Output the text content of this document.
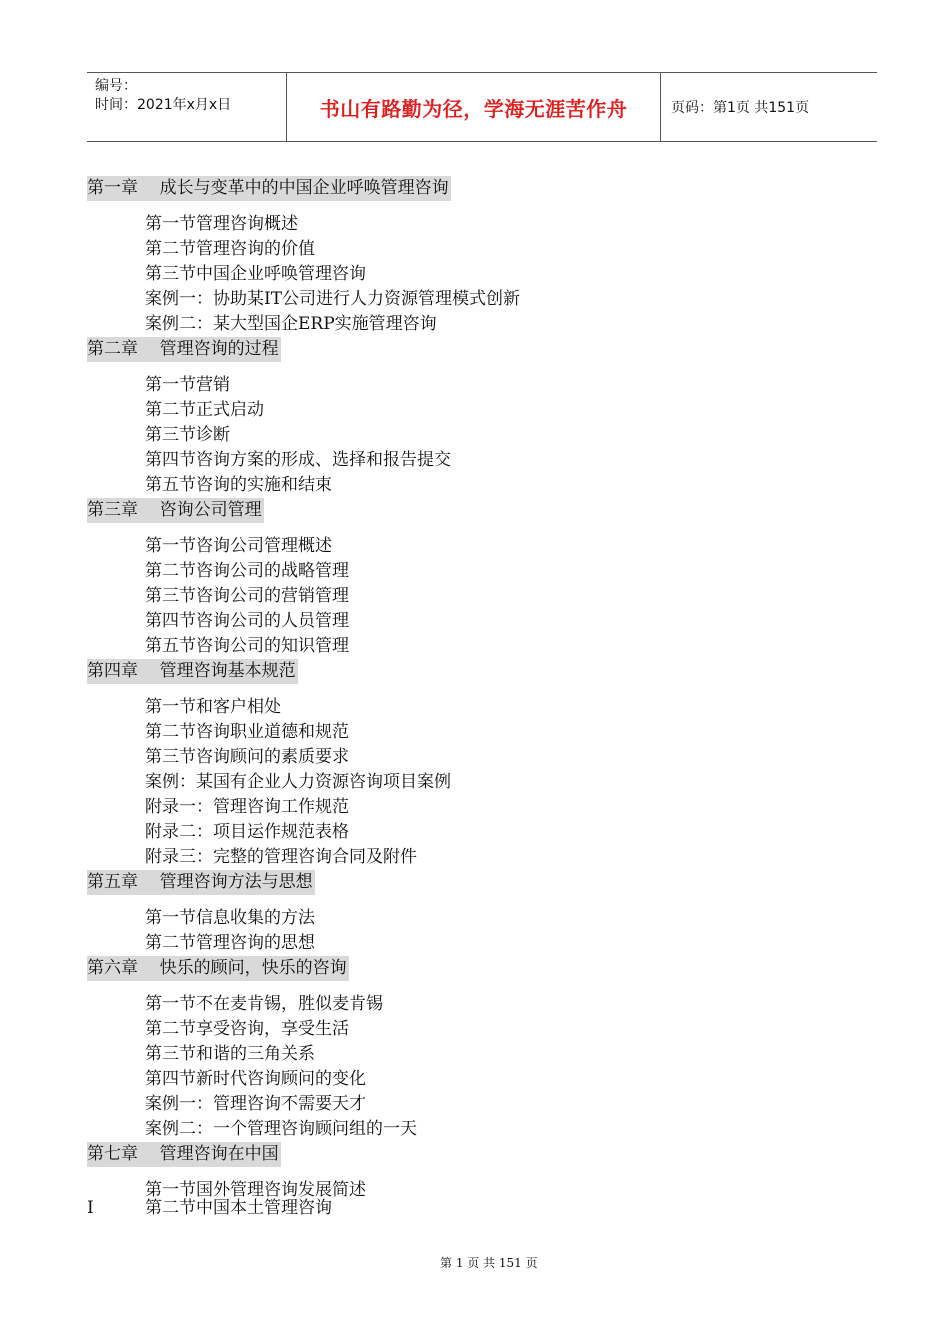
编号：
时间：2021年x月x日	书山有路勤为径，学海无涯苦作舟	页码：第1页 共151页
第一章    成长与变革中的中国企业呼唤管理咨询
第一节管理咨询概述
第二节管理咨询的价值
第三节中国企业呼唤管理咨询
案例一：协助某IT公司进行人力资源管理模式创新
案例二：某大型国企ERP实施管理咨询
第二章    管理咨询的过程
第一节营销
第二节正式启动
第三节诊断
第四节咨询方案的形成、选择和报告提交
第五节咨询的实施和结束
第三章    咨询公司管理
第一节咨询公司管理概述
第二节咨询公司的战略管理
第三节咨询公司的营销管理
第四节咨询公司的人员管理
第五节咨询公司的知识管理
第四章    管理咨询基本规范
第一节和客户相处
第二节咨询职业道德和规范
第三节咨询顾问的素质要求
案例：某国有企业人力资源咨询项目案例
附录一：管理咨询工作规范
附录二：项目运作规范表格
附录三：完整的管理咨询合同及附件
第五章    管理咨询方法与思想
第一节信息收集的方法
第二节管理咨询的思想
第六章    快乐的顾问，快乐的咨询
第一节不在麦肯锡，胜似麦肯锡
第二节享受咨询，享受生活
第三节和谐的三角关系
第四节新时代咨询顾问的变化
案例一：管理咨询不需要天才
案例二：一个管理咨询顾问组的一天
第七章    管理咨询在中国
第一节国外管理咨询发展简述
I	第二节中国本土管理咨询
第 1 页 共 151 页
